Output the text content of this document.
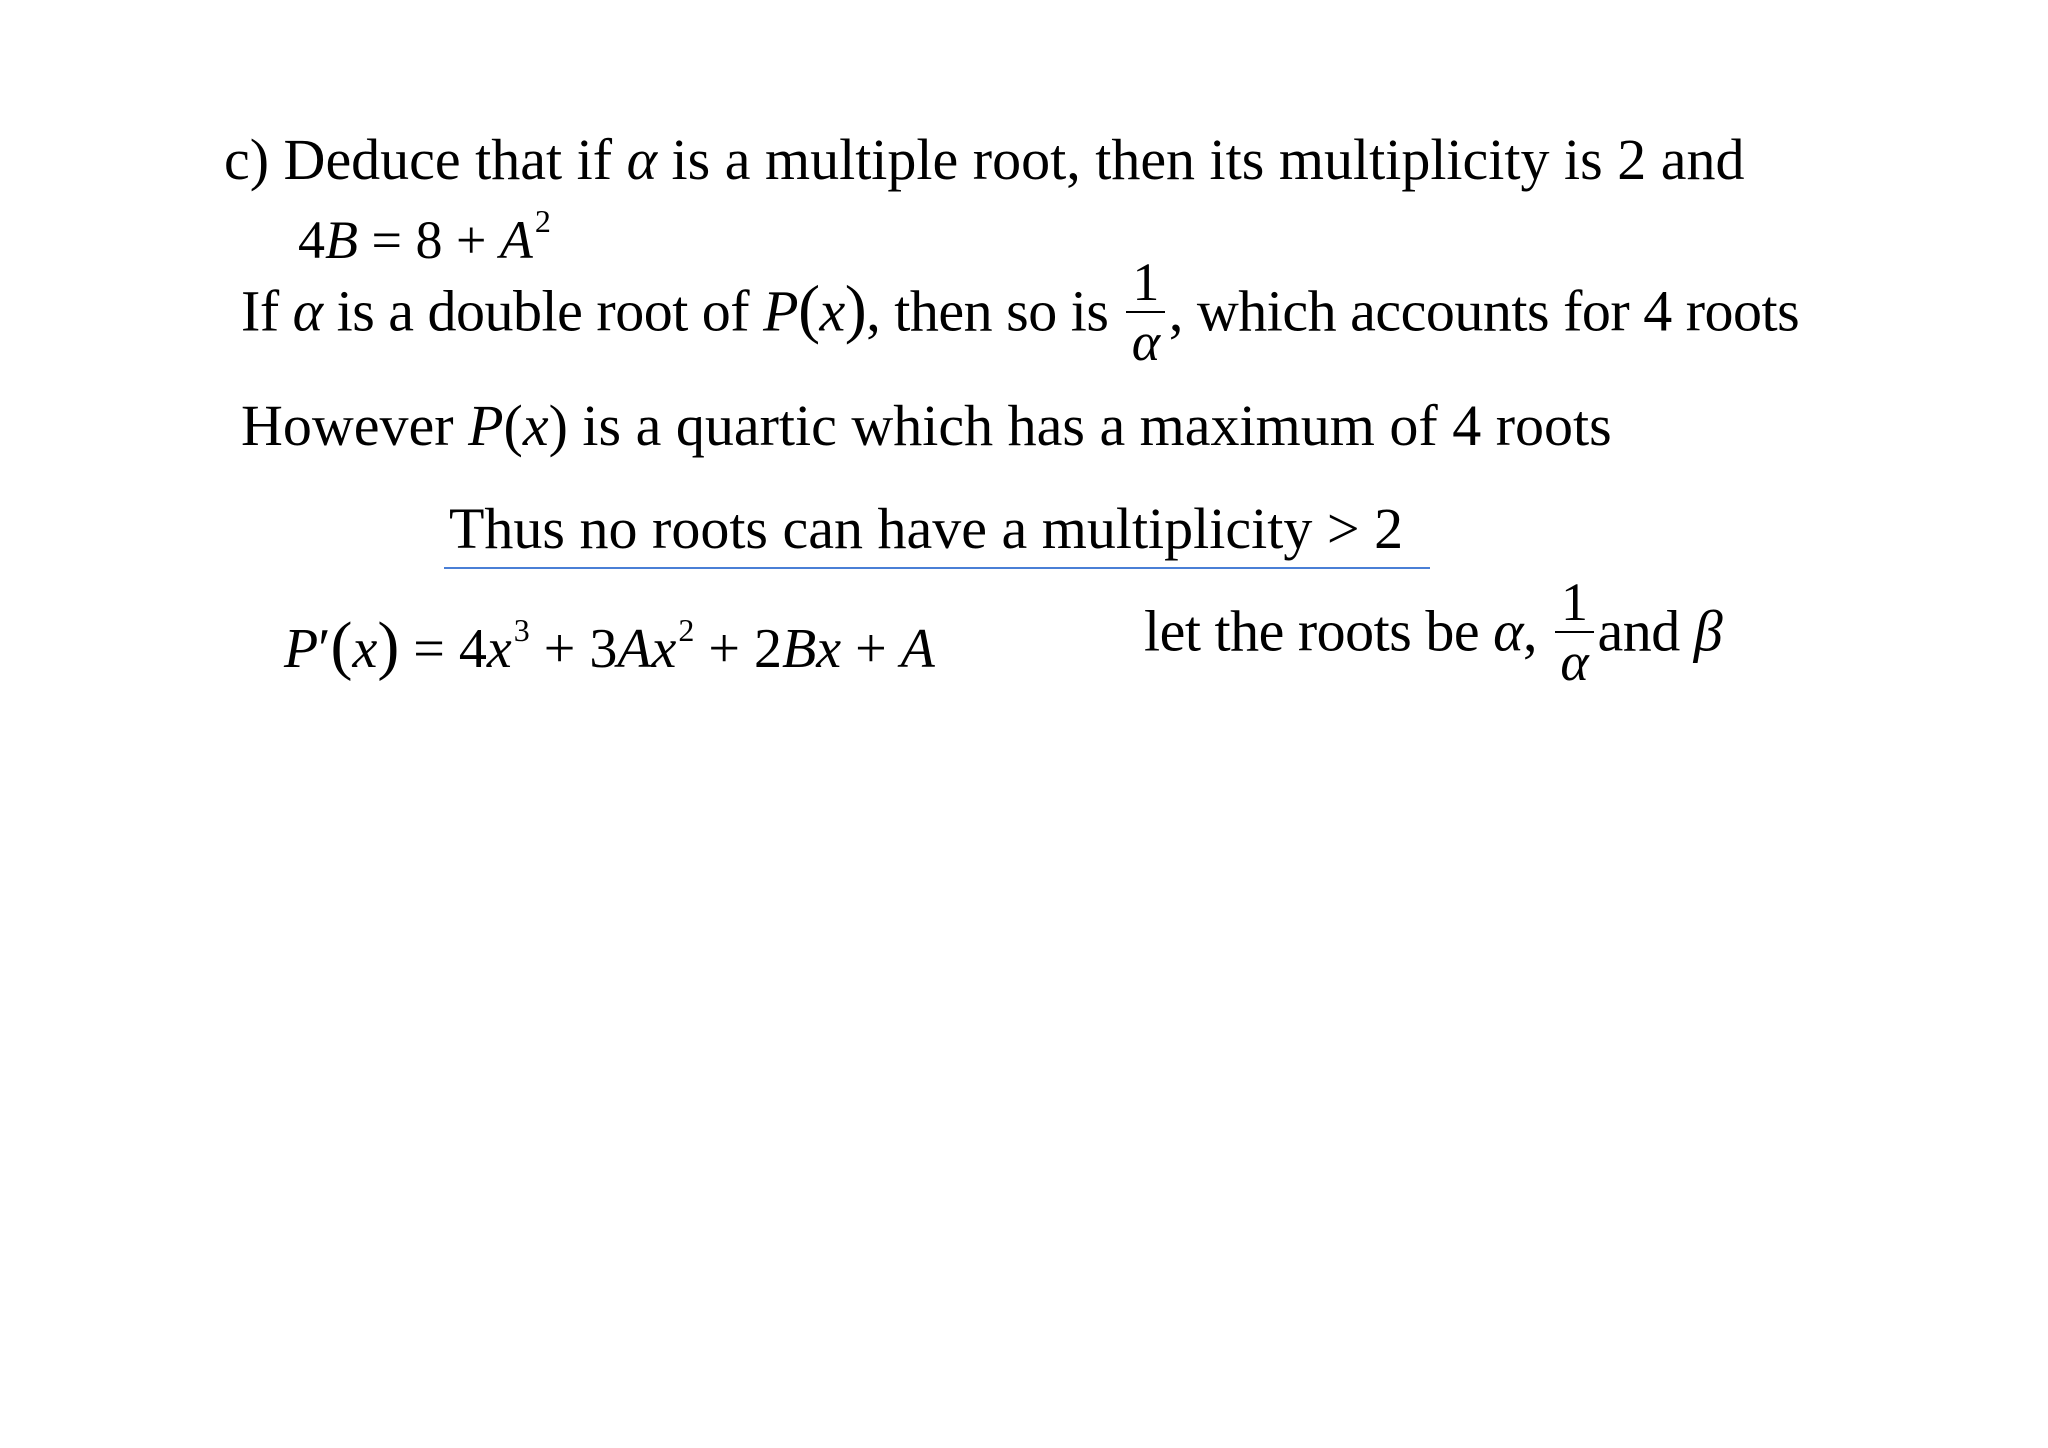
c) Deduce that if α is a multiple root, then its multiplicity is 2 and
$4B = 8 + A^2$
If α is a double root of P(x), then so is $\frac{1}{\alpha}$ , which accounts for 4 roots
However P(x) is a quartic which has a maximum of 4 roots
Thus no roots can have a multiplicity > 2
$P'(x) = 4x^3 + 3Ax^2 + 2Bx + A$	let the roots be α, $\frac{1}{\alpha}$ and β
